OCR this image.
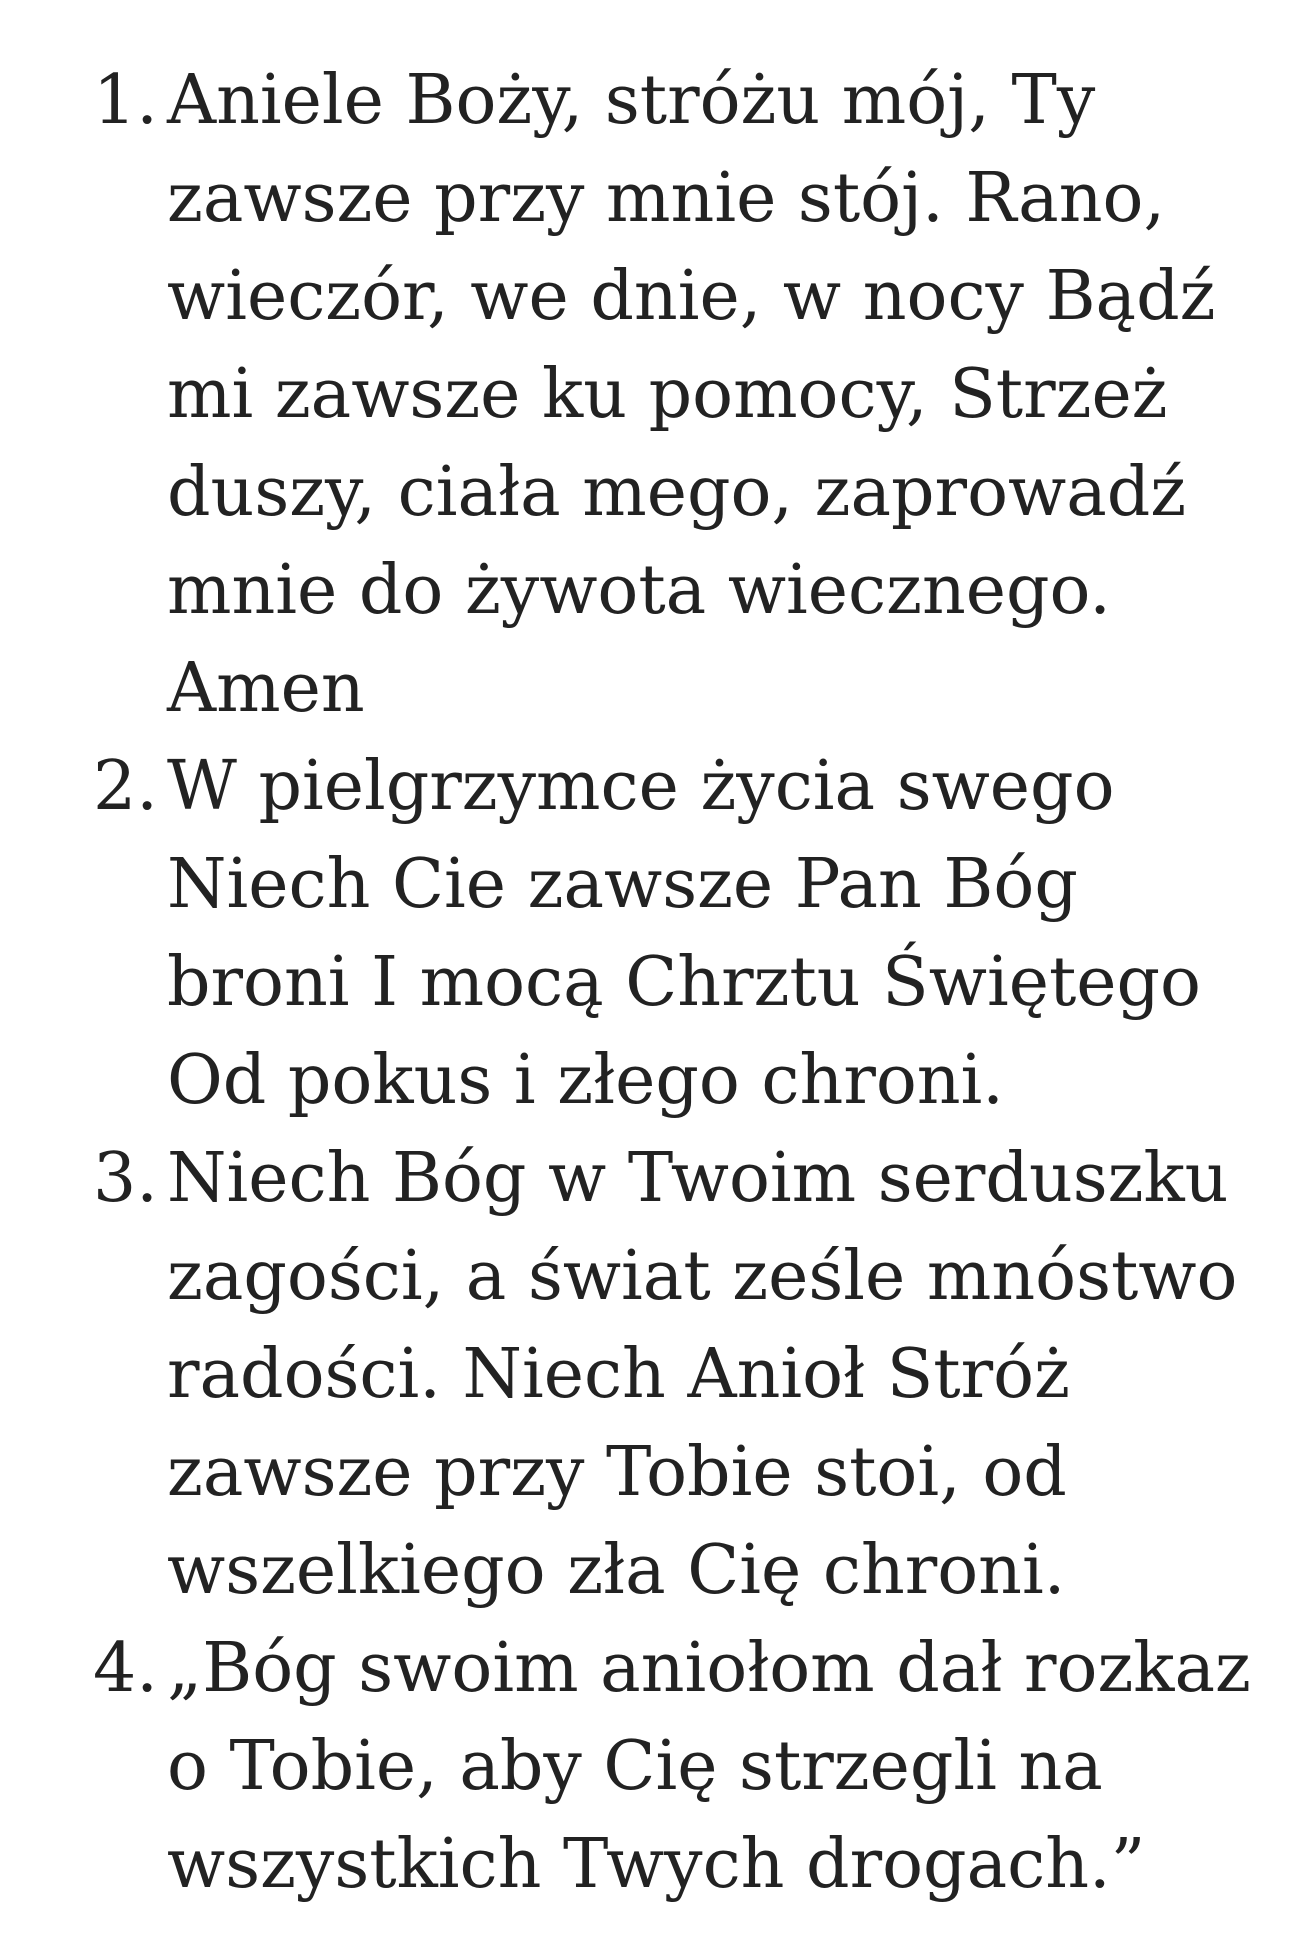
1. Aniele Boży, stróżu mój, Ty zawsze przy mnie stój. Rano, wieczór, we dnie, w nocy Bądź mi zawsze ku pomocy, Strzeż duszy, ciała mego, zaprowadź mnie do żywota wiecznego. Amen
2. W pielgrzymce życia swego Niech Cie zawsze Pan Bóg broni I mocą Chrztu Świętego Od pokus i złego chroni.
3. Niech Bóg w Twoim serduszku zagości, a świat ześle mnóstwo radości. Niech Anioł Stróż zawsze przy Tobie stoi, od wszelkiego zła Cię chroni.
4. „Bóg swoim aniołom dał rozkaz o Tobie, aby Cię strzegli na wszystkich Twych drogach.”
